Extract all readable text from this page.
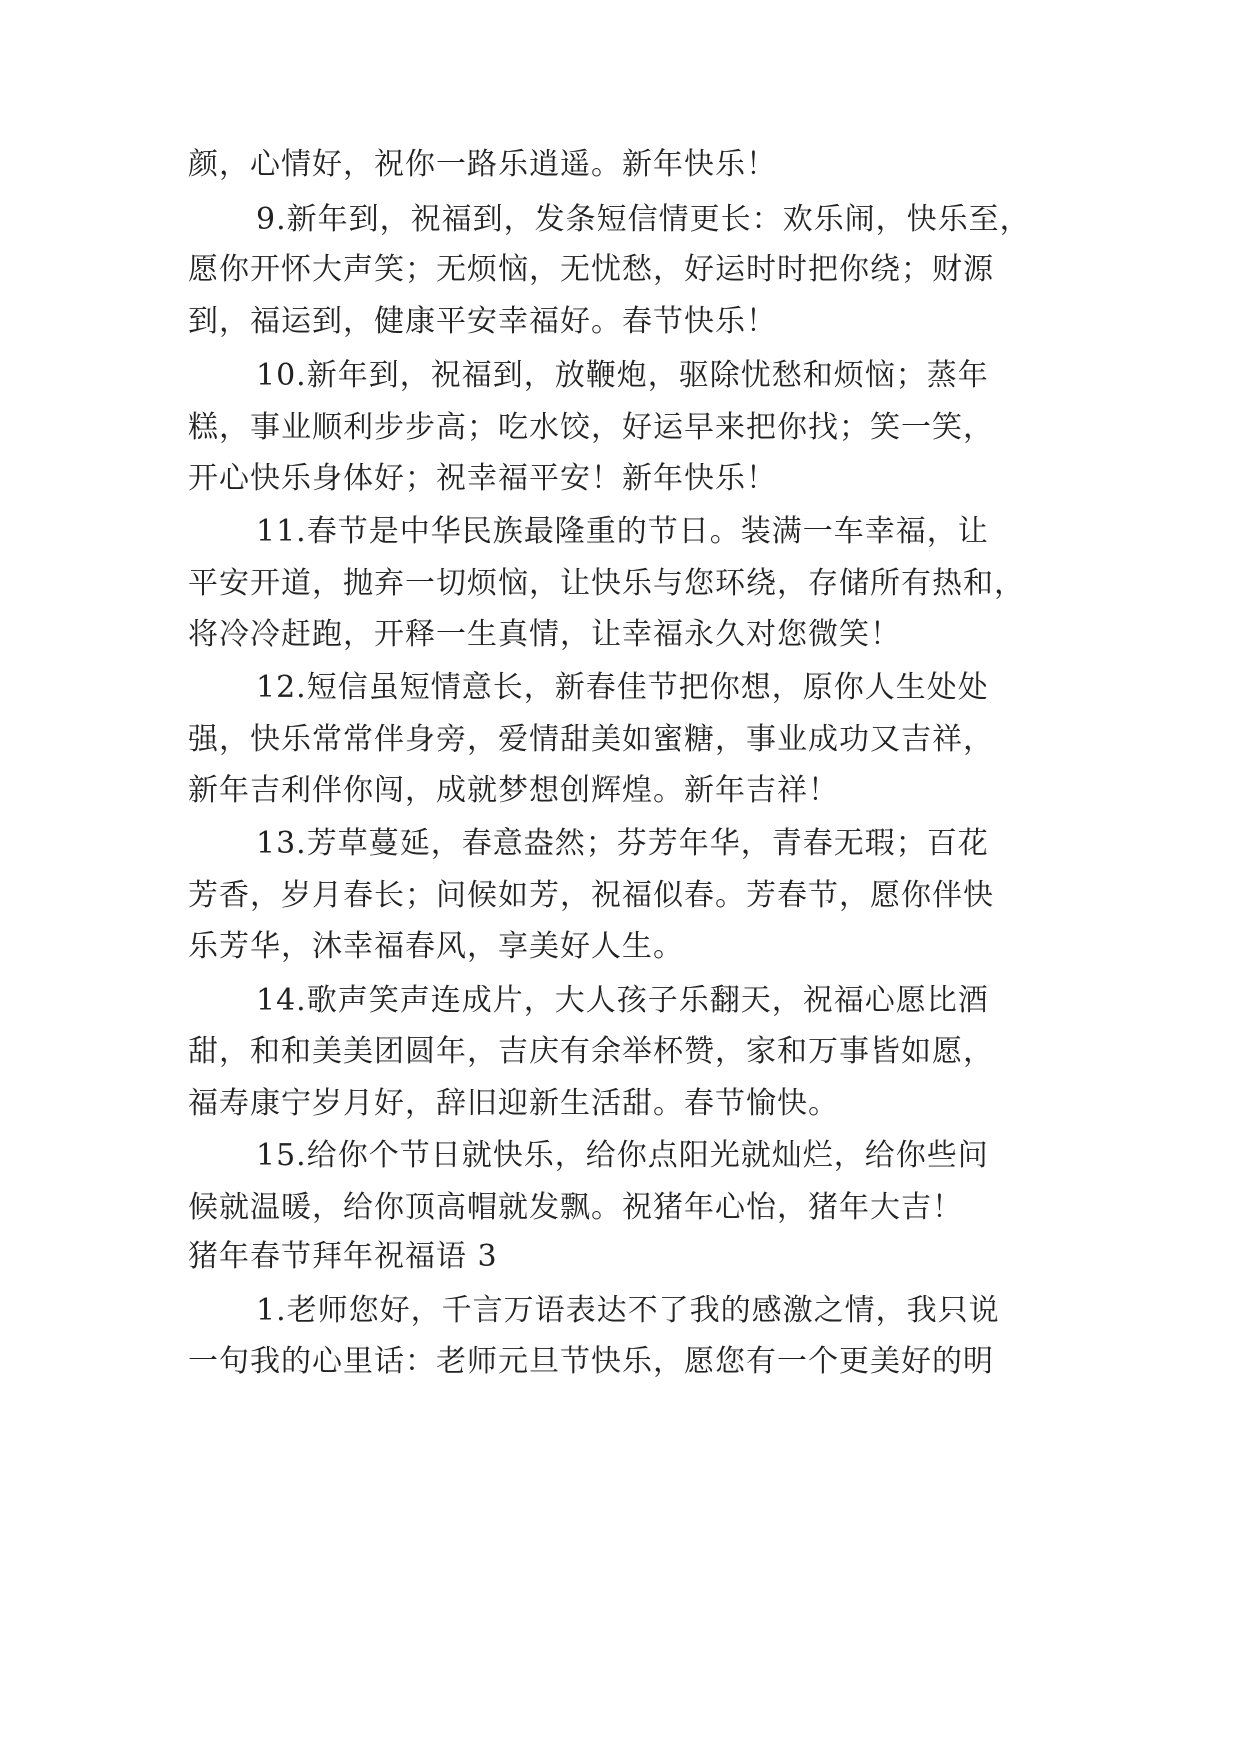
颜，心情好，祝你一路乐逍遥。新年快乐！
9.新年到，祝福到，发条短信情更长：欢乐闹，快乐至，
愿你开怀大声笑；无烦恼，无忧愁，好运时时把你绕；财源
到，福运到，健康平安幸福好。春节快乐！
10.新年到，祝福到，放鞭炮，驱除忧愁和烦恼；蒸年
糕，事业顺利步步高；吃水饺，好运早来把你找；笑一笑，
开心快乐身体好；祝幸福平安！新年快乐！
11.春节是中华民族最隆重的节日。装满一车幸福，让
平安开道，抛弃一切烦恼，让快乐与您环绕，存储所有热和，
将冷冷赶跑，开释一生真情，让幸福永久对您微笑！
12.短信虽短情意长，新春佳节把你想，原你人生处处
强，快乐常常伴身旁，爱情甜美如蜜糖，事业成功又吉祥，
新年吉利伴你闯，成就梦想创辉煌。新年吉祥！
13.芳草蔓延，春意盎然；芬芳年华，青春无瑕；百花
芳香，岁月春长；问候如芳，祝福似春。芳春节，愿你伴快
乐芳华，沐幸福春风，享美好人生。
14.歌声笑声连成片，大人孩子乐翻天，祝福心愿比酒
甜，和和美美团圆年，吉庆有余举杯赞，家和万事皆如愿，
福寿康宁岁月好，辞旧迎新生活甜。春节愉快。
15.给你个节日就快乐，给你点阳光就灿烂，给你些问
候就温暖，给你顶高帽就发飘。祝猪年心怡，猪年大吉！
猪年春节拜年祝福语 3
1.老师您好，千言万语表达不了我的感激之情，我只说
一句我的心里话：老师元旦节快乐，愿您有一个更美好的明
